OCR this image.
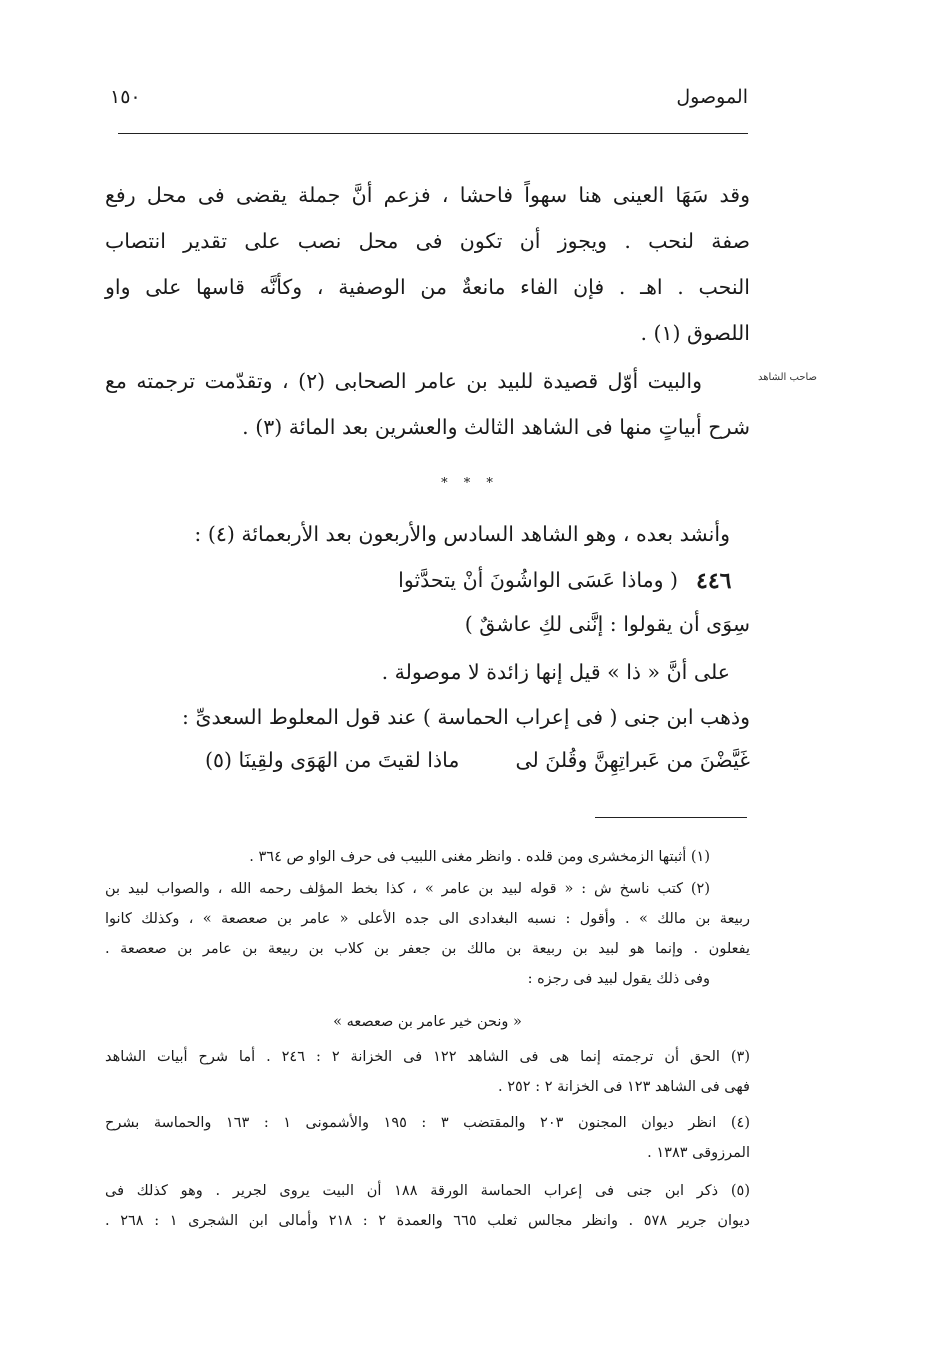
الموصول
١٥٠
وقد سَهَا العينى هنا سهواً فاحشا ، فزعم أنَّ جملة يقضى فى محل رفع
صفة لنحب . ويجوز أن تكون فى محل نصب على تقدير انتصاب
النحب . اهـ . فإن الفاء مانعةٌ من الوصفية ، وكأنَّه قاسها على واو
اللصوق (١) .
صاحب الشاهد
والبيت أوّل قصيدة للبيد بن عامر الصحابى (٢) ، وتقدّمت ترجمته مع
شرح أبياتٍ منها فى الشاهد الثالث والعشرين بعد المائة (٣) .
* * *
وأنشد بعده ، وهو الشاهد السادس والأربعون بعد الأربعمائة (٤) :
٤٤٦
( وماذا عَسَى الواشُونَ أنْ يتحدَّثوا
سِوَى أن يقولوا : إنَّنى لكِ عاشقٌ )
على أنَّ « ذا » قيل إنها زائدة لا موصولة .
وذهب ابن جنى ( فى إعراب الحماسة ) عند قول المعلوط السعدىِّ :
غَيَّضْنَ من عَبراتِهِنَّ وقُلنَ لى
ماذا لقيتَ من الهَوَى ولقِينَا (٥)
(١) أثبتها الزمخشرى ومن قلده . وانظر مغنى اللبيب فى حرف الواو ص ٣٦٤ .
(٢) كتب ناسخ ش : « قوله لبيد بن عامر » ، كذا بخط المؤلف رحمه الله ، والصواب لبيد بن
ربيعة بن مالك » . وأقول : نسبه البغدادى الى جده الأعلى « عامر بن صعصعة » ، وكذلك كانوا
يفعلون . وإنما هو لبيد بن ربيعة بن مالك بن جعفر بن كلاب بن ربيعة بن عامر بن صعصعة .
وفى ذلك يقول لبيد فى رجزه :
« ونحن خير عامر بن صعصعه »
(٣) الحق أن ترجمته إنما هى فى الشاهد ١٢٢ فى الخزانة ٢ : ٢٤٦ . أما شرح أبيات الشاهد
فهى فى الشاهد ١٢٣ فى الخزانة ٢ : ٢٥٢ .
(٤) انظر ديوان المجنون ٢٠٣ والمقتضب ٣ : ١٩٥ والأشمونى ١ : ١٦٣ والحماسة بشرح
المرزوقى ١٣٨٣ .
(٥) ذكر ابن جنى فى إعراب الحماسة الورقة ١٨٨ أن البيت يروى لجرير . وهو كذلك فى
ديوان جرير ٥٧٨ . وانظر مجالس ثعلب ٦٦٥ والعمدة ٢ : ٢١٨ وأمالى ابن الشجرى ١ : ٢٦٨ .
